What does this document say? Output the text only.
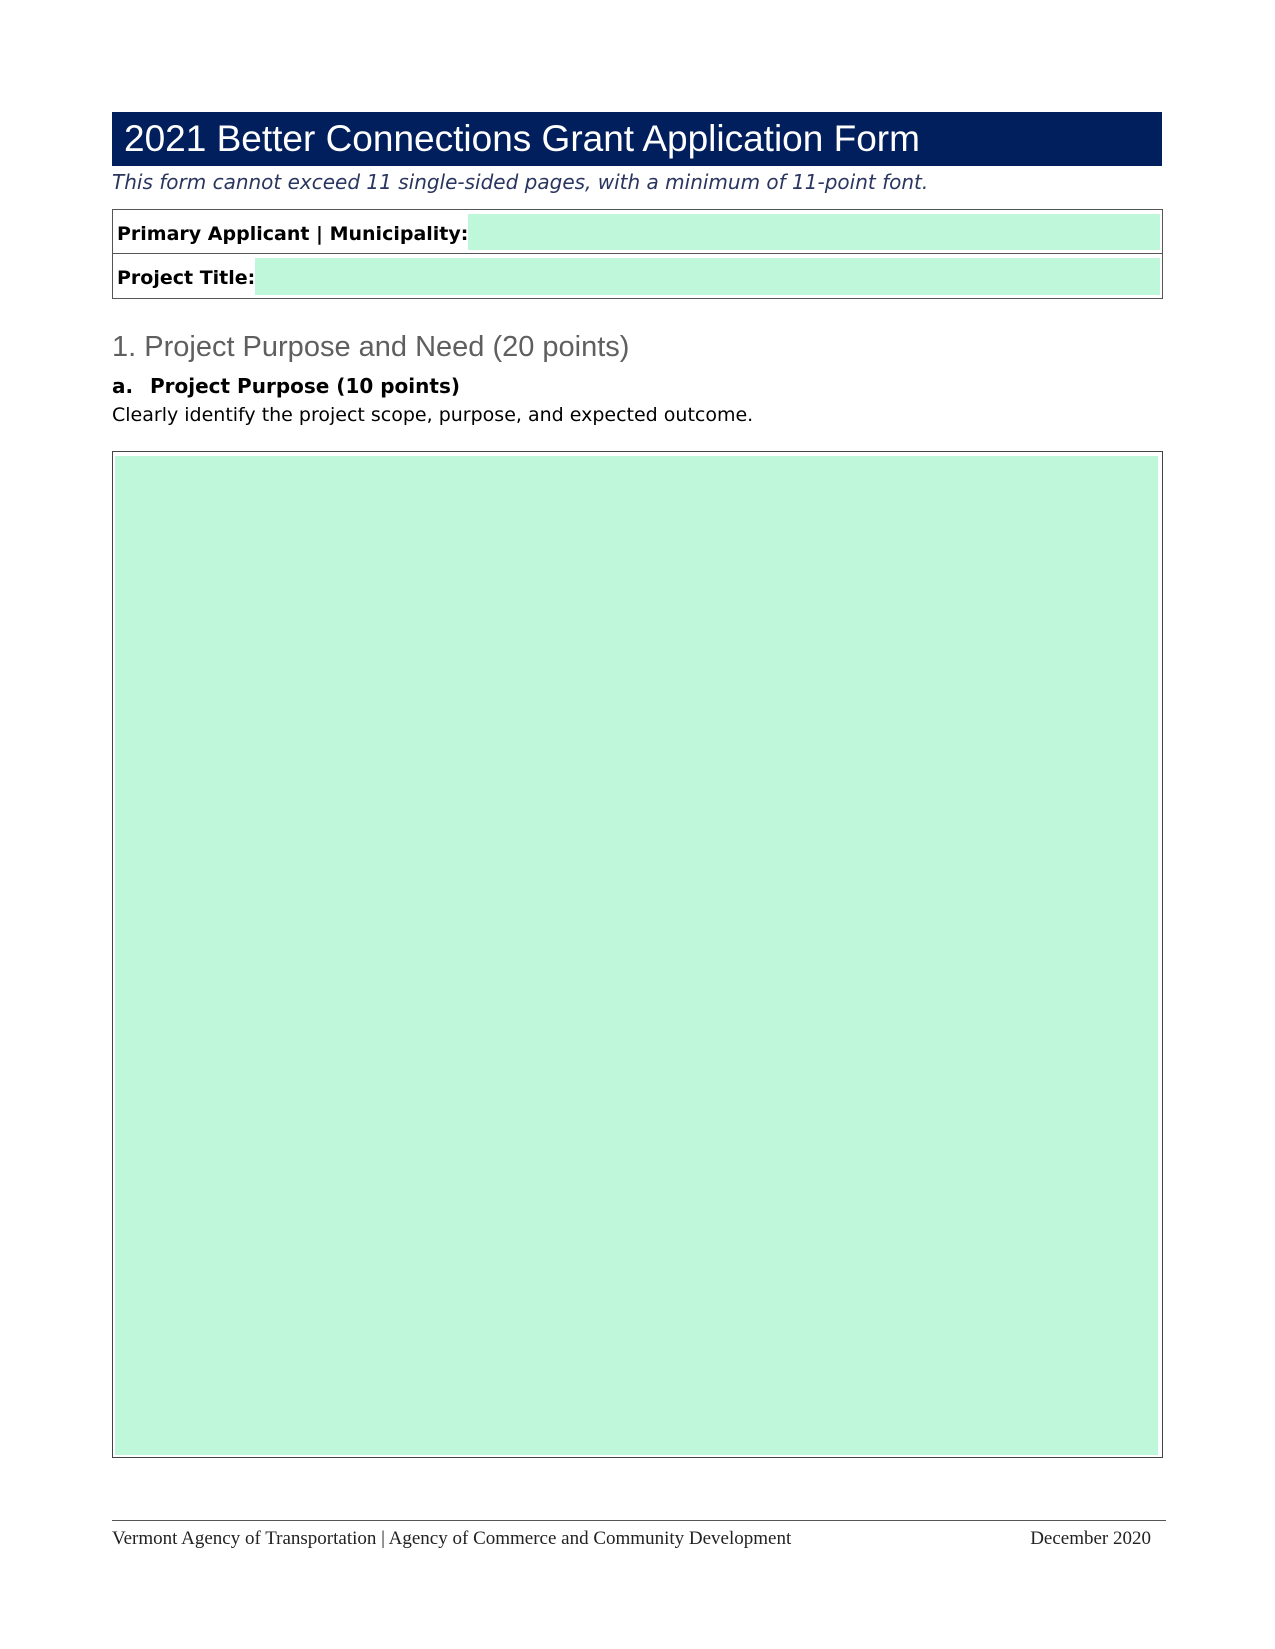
2021 Better Connections Grant Application Form
This form cannot exceed 11 single-sided pages, with a minimum of 11-point font.
Primary Applicant | Municipality:
Project Title:
1. Project Purpose and Need (20 points)
a. Project Purpose (10 points)
Clearly identify the project scope, purpose, and expected outcome.
Vermont Agency of Transportation | Agency of Commerce and Community Development	December 2020
